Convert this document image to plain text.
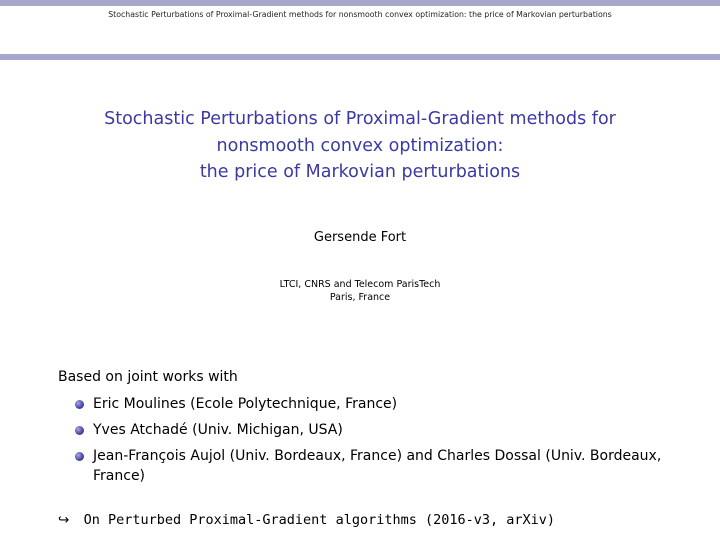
Stochastic Perturbations of Proximal-Gradient methods for nonsmooth convex optimization: the price of Markovian perturbations
Stochastic Perturbations of Proximal-Gradient methods for
nonsmooth convex optimization:
the price of Markovian perturbations
Gersende Fort
LTCI, CNRS and Telecom ParisTech
Paris, France
Based on joint works with
Eric Moulines (Ecole Polytechnique, France)
Yves Atchadé (Univ. Michigan, USA)
Jean-François Aujol (Univ. Bordeaux, France) and Charles Dossal (Univ. Bordeaux, France)
↪ On Perturbed Proximal-Gradient algorithms (2016-v3, arXiv)
